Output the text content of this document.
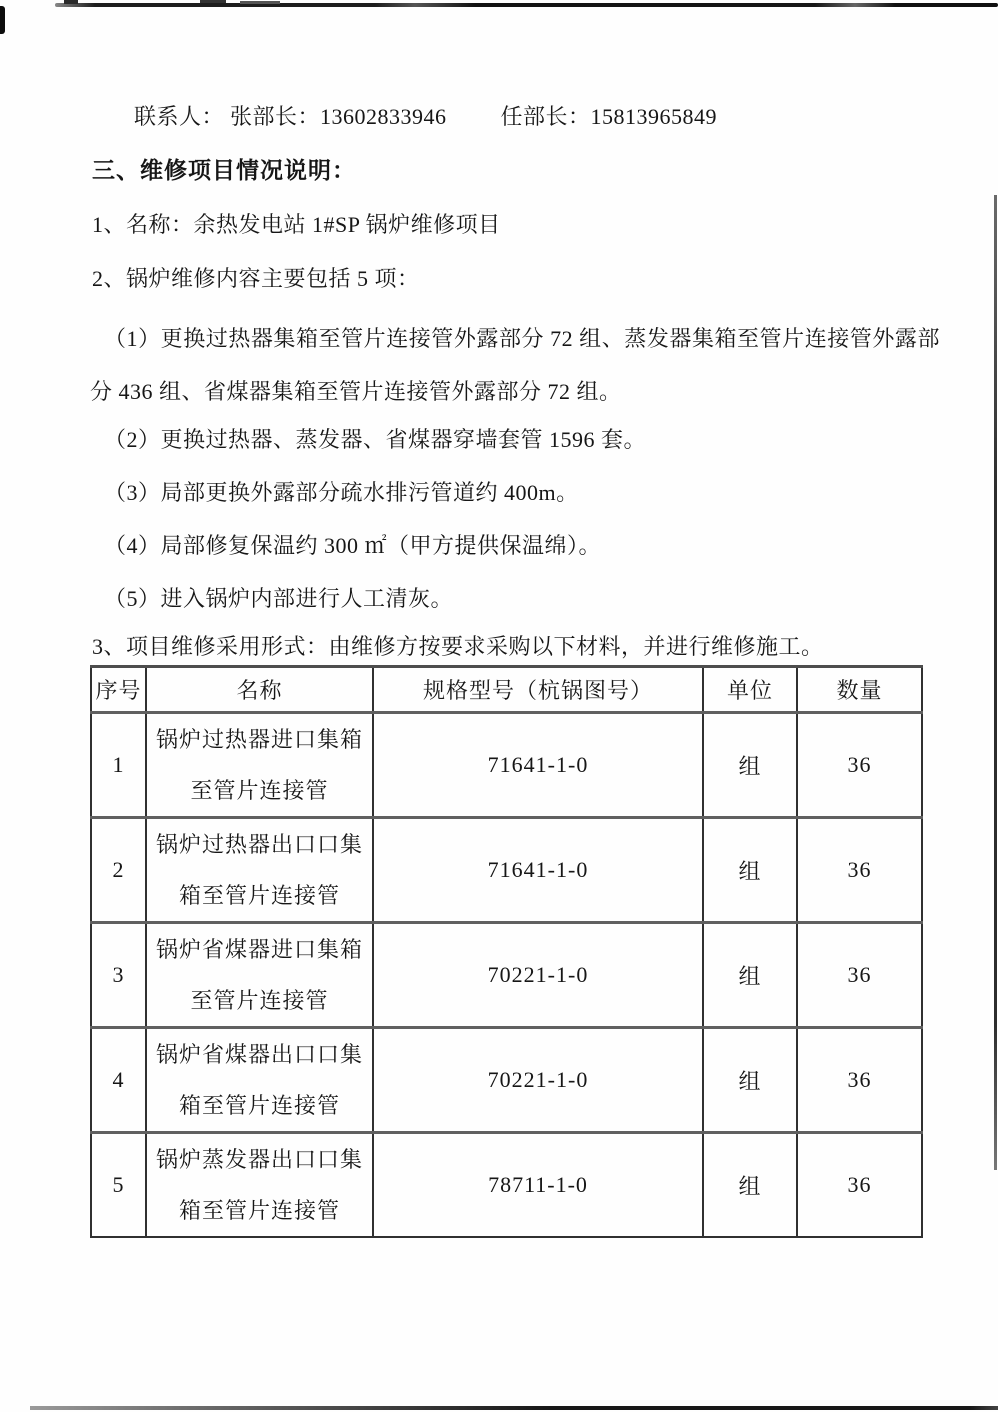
联系人： 张部长：13602833946 任部长：15813965849

三、维修项目情况说明：

1、名称：余热发电站 1#SP 锅炉维修项目

2、锅炉维修内容主要包括 5 项：

（1）更换过热器集箱至管片连接管外露部分 72 组、蒸发器集箱至管片连接管外露部分 436 组、省煤器集箱至管片连接管外露部分 72 组。

（2）更换过热器、蒸发器、省煤器穿墙套管 1596 套。

（3）局部更换外露部分疏水排污管道约 400m。

（4）局部修复保温约 300 ㎡（甲方提供保温绵）。

（5）进入锅炉内部进行人工清灰。

3、项目维修采用形式：由维修方按要求采购以下材料，并进行维修施工。

序号	名称	规格型号（杭锅图号）	单位	数量
1	锅炉过热器进口集箱
至管片连接管	71641-1-0	组	36
2	锅炉过热器出口口集
箱至管片连接管	71641-1-0	组	36
3	锅炉省煤器进口集箱
至管片连接管	70221-1-0	组	36
4	锅炉省煤器出口口集
箱至管片连接管	70221-1-0	组	36
5	锅炉蒸发器出口口集
箱至管片连接管	78711-1-0	组	36
